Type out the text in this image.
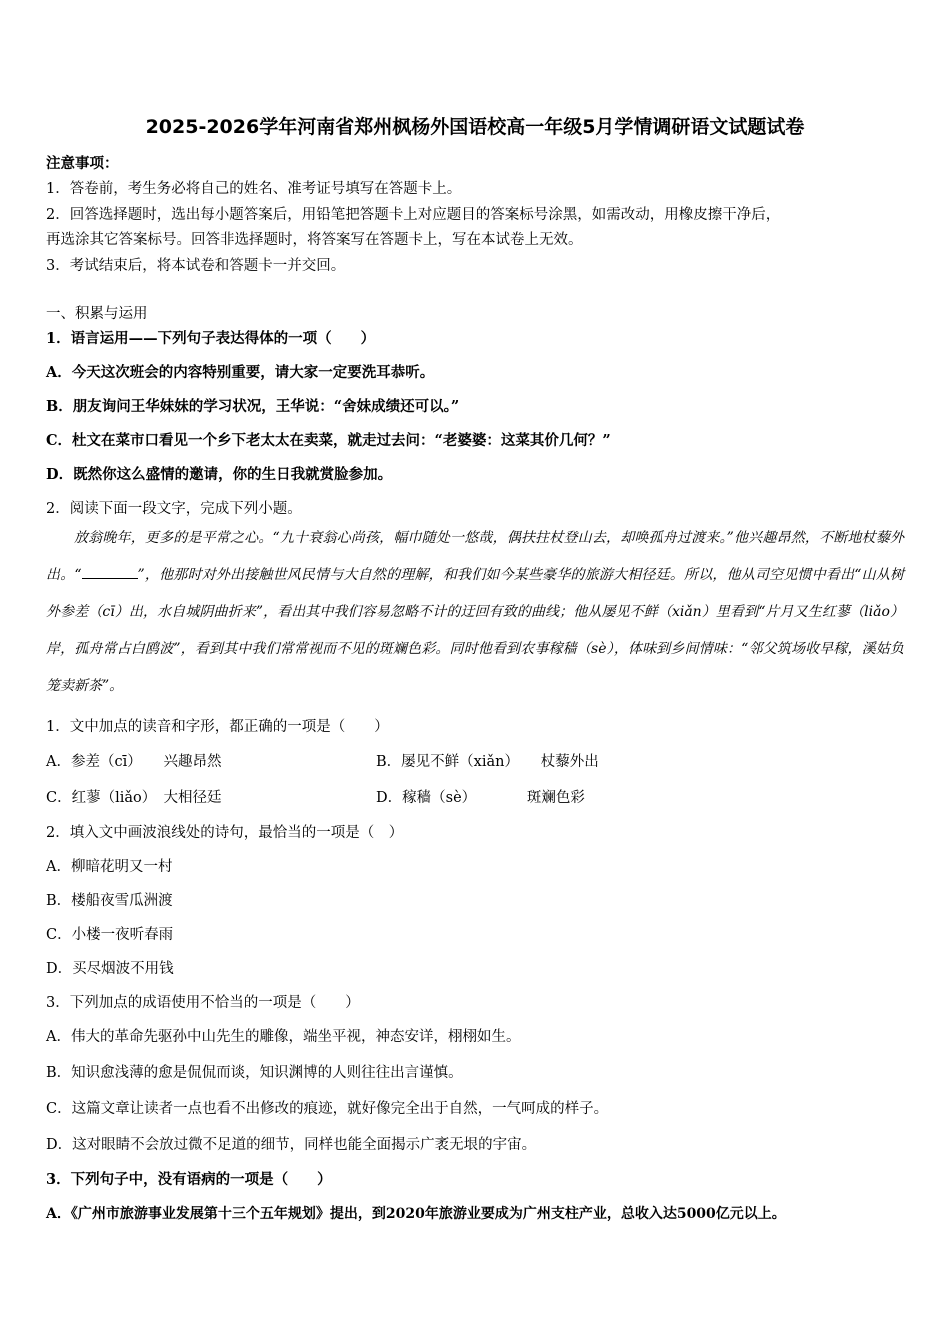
2025-2026学年河南省郑州枫杨外国语校高一年级5月学情调研语文试题试卷
注意事项：
1．答卷前，考生务必将自己的姓名、准考证号填写在答题卡上。
2．回答选择题时，选出每小题答案后，用铅笔把答题卡上对应题目的答案标号涂黑，如需改动，用橡皮擦干净后，
再选涂其它答案标号。回答非选择题时，将答案写在答题卡上，写在本试卷上无效。
3．考试结束后，将本试卷和答题卡一并交回。
一、积累与运用
1．语言运用——下列句子表达得体的一项（　　）
A．今天这次班会的内容特别重要，请大家一定要洗耳恭听。
B．朋友询问王华妹妹的学习状况，王华说：“舍妹成绩还可以。”
C．杜文在菜市口看见一个乡下老太太在卖菜，就走过去问：“老婆婆：这菜其价几何？”
D．既然你这么盛情的邀请，你的生日我就赏脸参加。
2．阅读下面一段文字，完成下列小题。

放翁晚年，更多的是平常之心。“九十衰翁心尚孩，幅巾随处一悠哉，偶扶拄杖登山去，却唤孤舟过渡来。”他兴趣昂然，不断地杖藜外出。“	”，他那时对外出接触世风民情与大自然的理解，和我们如今某些豪华的旅游大相径廷。所以，他从司空见惯中看出“山从树外参差（cī）出，水自城阴曲折来”，看出其中我们容易忽略不计的迂回有致的曲线；他从屡见不鲜（xiǎn）里看到“片月又生红蓼（liǎo）岸，孤舟常占白鸥波”，看到其中我们常常视而不见的斑斓色彩。同时他看到农事稼穑（sè），体味到乡间情味：“邻父筑场收早稼，溪姑负笼卖新茶”。

1．文中加点的读音和字形，都正确的一项是（　　）
A．参差（cī）　　兴趣昂然	B．屡见不鲜（xiǎn）　　杖藜外出
C．红蓼（liǎo）　大相径廷	D．稼穑（sè）　　　　斑斓色彩
2．填入文中画波浪线处的诗句，最恰当的一项是（　）
A．柳暗花明又一村
B．楼船夜雪瓜洲渡
C．小楼一夜听春雨
D．买尽烟波不用钱
3．下列加点的成语使用不恰当的一项是（　　）
A．伟大的革命先驱孙中山先生的雕像，端坐平视，神态安详，栩栩如生。
B．知识愈浅薄的愈是侃侃而谈，知识渊博的人则往往出言谨慎。
C．这篇文章让读者一点也看不出修改的痕迹，就好像完全出于自然，一气呵成的样子。
D．这对眼睛不会放过微不足道的细节，同样也能全面揭示广袤无垠的宇宙。
3．下列句子中，没有语病的一项是（　　）
A．《广州市旅游事业发展第十三个五年规划》提出，到2020年旅游业要成为广州支柱产业，总收入达5000亿元以上。
